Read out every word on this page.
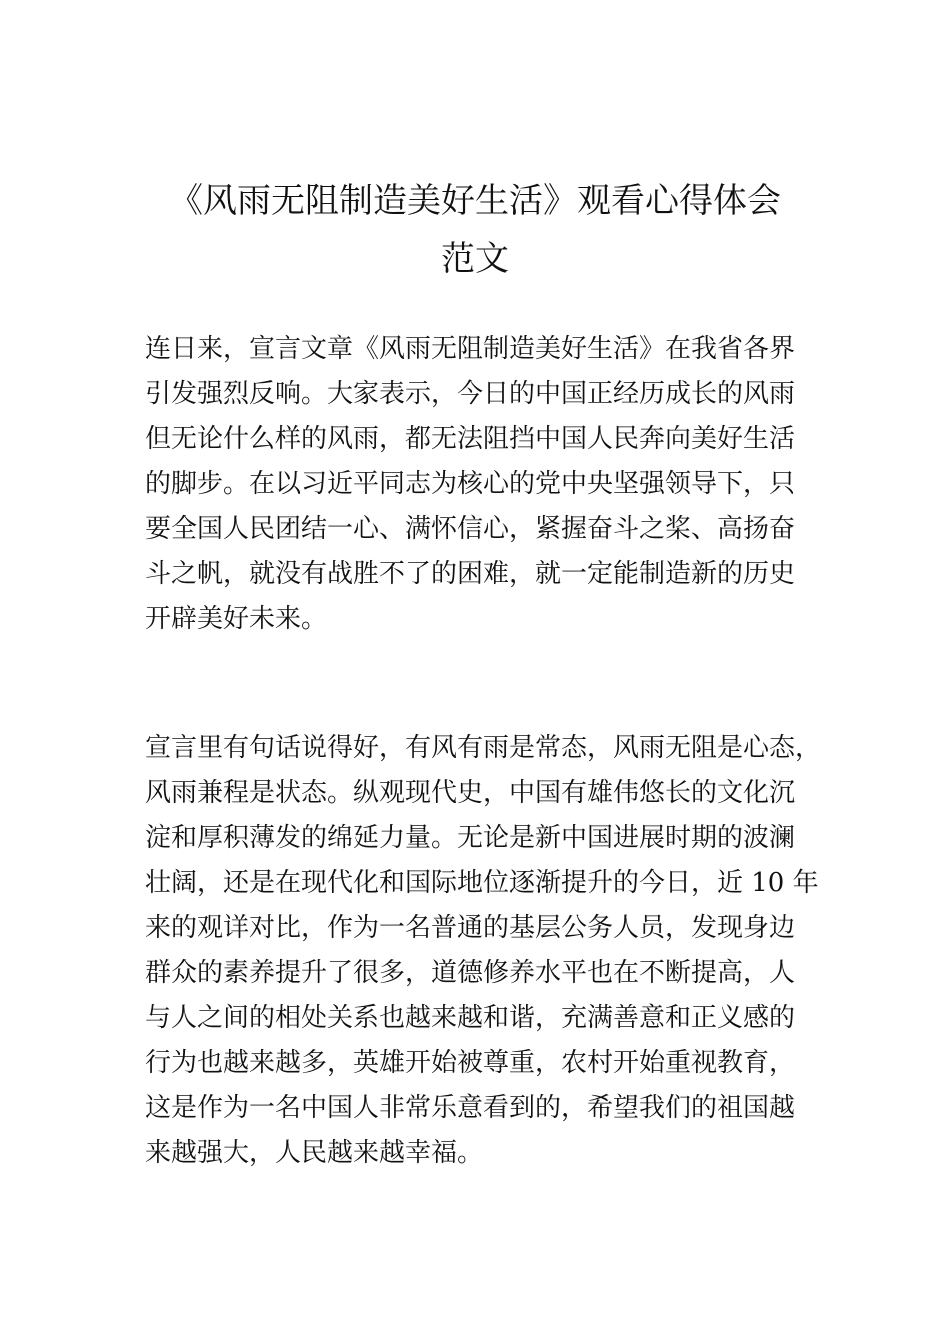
《风雨无阻制造美好生活》观看心得体会
范文
连日来，宣言文章《风雨无阻制造美好生活》在我省各界
引发强烈反响。大家表示，今日的中国正经历成长的风雨
但无论什么样的风雨，都无法阻挡中国人民奔向美好生活
的脚步。在以习近平同志为核心的党中央坚强领导下，只
要全国人民团结一心、满怀信心，紧握奋斗之桨、高扬奋
斗之帆，就没有战胜不了的困难，就一定能制造新的历史
开辟美好未来。
宣言里有句话说得好，有风有雨是常态，风雨无阻是心态，
风雨兼程是状态。纵观现代史，中国有雄伟悠长的文化沉
淀和厚积薄发的绵延力量。无论是新中国进展时期的波澜
壮阔，还是在现代化和国际地位逐渐提升的今日，近 10 年
来的观详对比，作为一名普通的基层公务人员，发现身边
群众的素养提升了很多，道德修养水平也在不断提高，人
与人之间的相处关系也越来越和谐，充满善意和正义感的
行为也越来越多，英雄开始被尊重，农村开始重视教育，
这是作为一名中国人非常乐意看到的，希望我们的祖国越
来越强大，人民越来越幸福。
